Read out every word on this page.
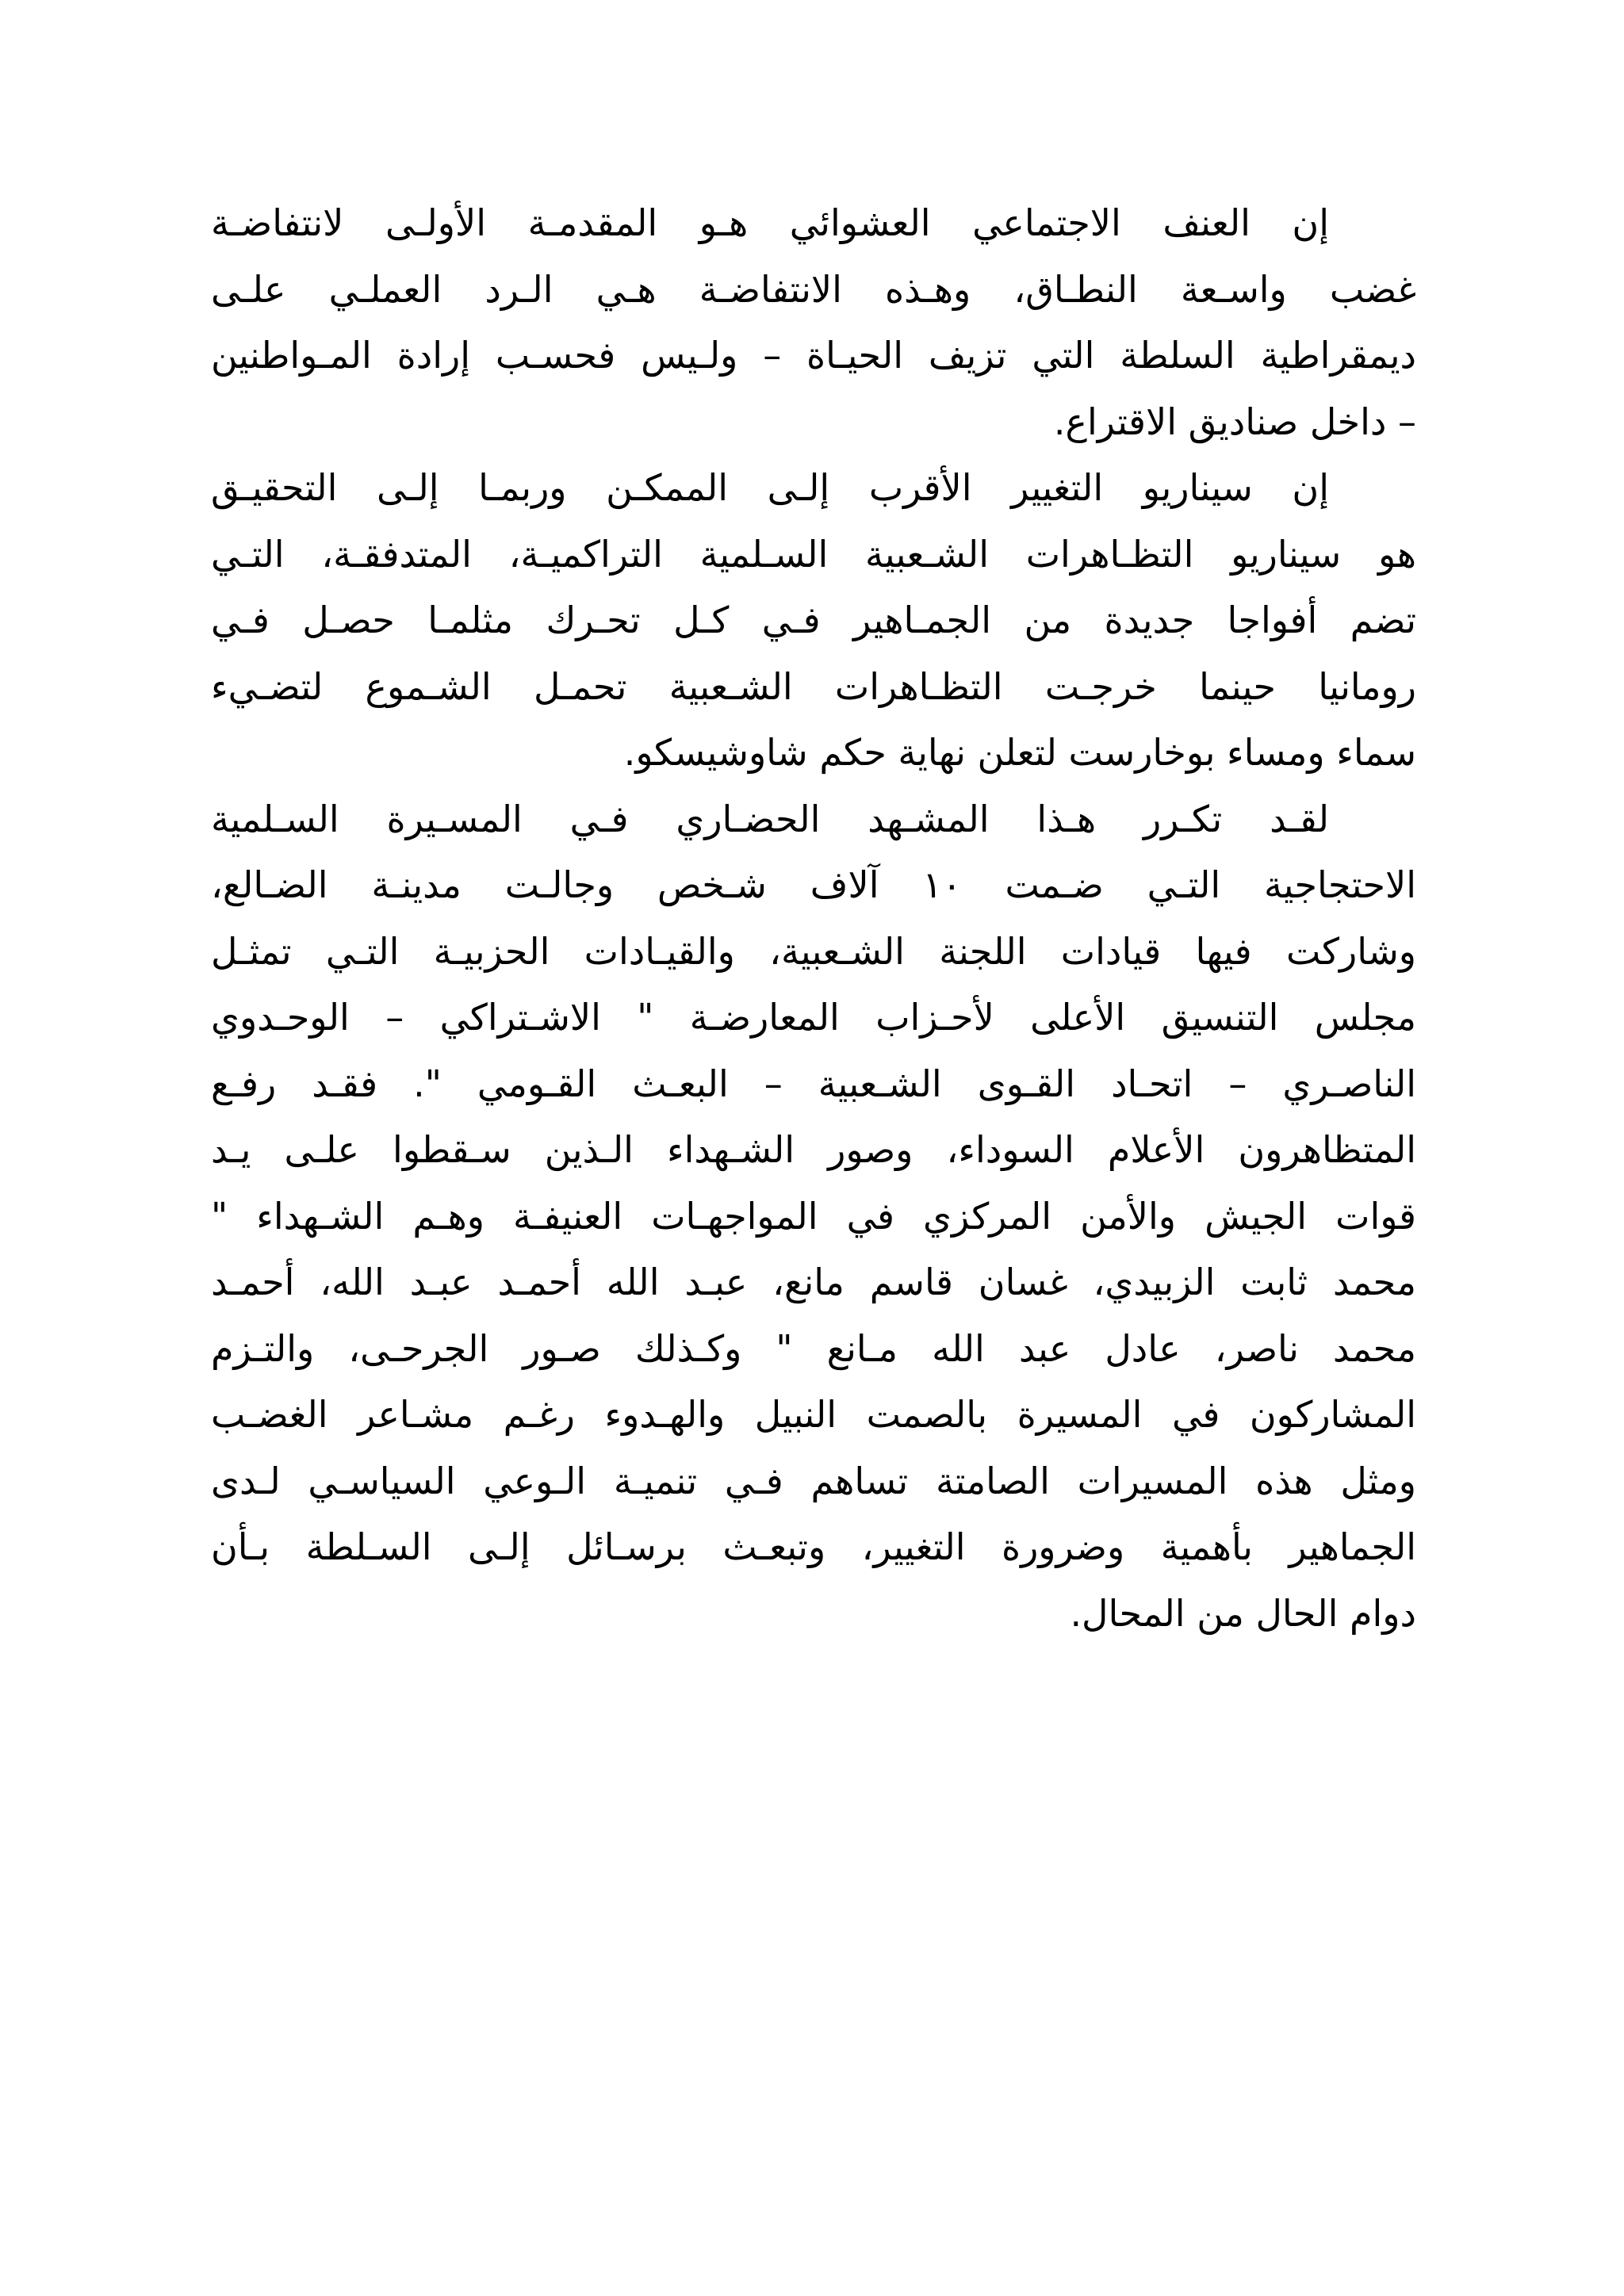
إن العنف الاجتماعي العشوائي هـو المقدمـة الأولـى لانتفاضـة
غضب واسـعة النطـاق، وهـذه الانتفاضـة هـي الـرد العملـي علـى
ديمقراطية السلطة التي تزيف الحيـاة – ولـيس فحسـب إرادة المـواطنين
– داخل صناديق الاقتراع.
إن سيناريو التغيير الأقرب إلـى الممكـن وربمـا إلـى التحقيـق
هو سيناريو التظـاهرات الشـعبية السـلمية التراكميـة، المتدفقـة، التـي
تضم أفواجا جديدة من الجمـاهير فـي كـل تحـرك مثلمـا حصـل فـي
رومانيا حينما خرجـت التظـاهرات الشـعبية تحمـل الشـموع لتضـيء
سماء ومساء بوخارست لتعلن نهاية حكم شاوشيسكو.
لقـد تكـرر هـذا المشـهد الحضـاري فـي المسـيرة السـلمية
الاحتجاجية التـي ضـمت ١٠ آلاف شـخص وجالـت مدينـة الضـالع،
وشاركت فيها قيادات اللجنة الشـعبية، والقيـادات الحزبيـة التـي تمثـل
مجلس التنسيق الأعلى لأحـزاب المعارضـة " الاشـتراكي – الوحـدوي
الناصـري – اتحـاد القـوى الشـعبية – البعـث القـومي ". فقـد رفـع
المتظاهرون الأعلام السوداء، وصور الشـهداء الـذين سـقطوا علـى يـد
قوات الجيش والأمن المركزي في المواجهـات العنيفـة وهـم الشـهداء "
محمد ثابت الزبيدي، غسان قاسم مانع، عبـد الله أحمـد عبـد الله، أحمـد
محمد ناصر، عادل عبد الله مـانع " وكـذلك صـور الجرحـى، والتـزم
المشاركون في المسيرة بالصمت النبيل والهـدوء رغـم مشـاعر الغضـب
ومثل هذه المسيرات الصامتة تساهم فـي تنميـة الـوعي السياسـي لـدى
الجماهير بأهمية وضرورة التغيير، وتبعـث برسـائل إلـى السـلطة بـأن
دوام الحال من المحال.
